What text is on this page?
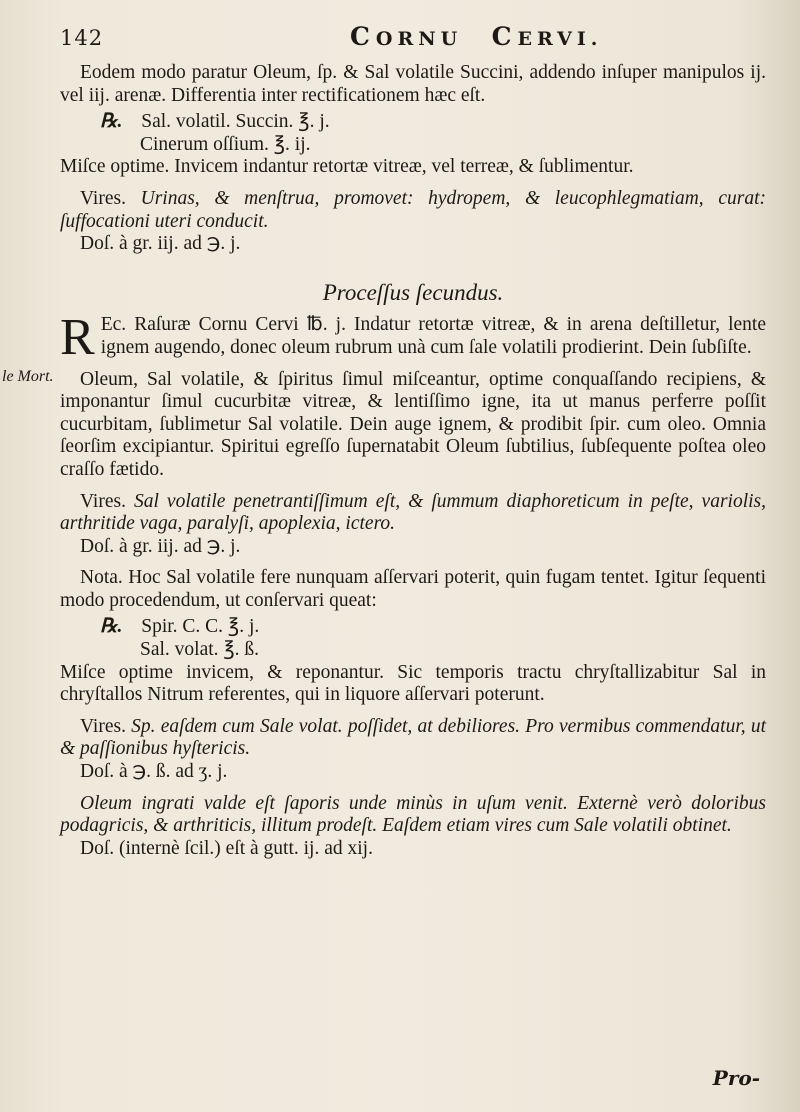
142	CORNU CERVI.
le Mort.

Eodem modo paratur Oleum, ſp. & Sal volatile Succini, addendo inſuper manipulos ij. vel iij. arenæ. Differentia inter rectificationem hæc eſt.

℞. Sal. volatil. Succin. ℥. j.
Cinerum oſſium. ℥. ij.

Miſce optime. Invicem indantur retortæ vitreæ, vel terreæ, & ſublimentur.

Vires. Urinas, & menſtrua, promovet: hydropem, & leucophlegmatiam, curat: ſuffocationi uteri conducit.

Doſ. à gr. iij. ad ℈. j.

Proceſſus ſecundus.

R Ec. Raſuræ Cornu Cervi ℔. j. Indatur retortæ vitreæ, & in arena deſtilletur, lente ignem augendo, donec oleum rubrum unà cum ſale volatili prodierint. Dein ſubſiſte.

Oleum, Sal volatile, & ſpiritus ſimul miſceantur, optime conquaſſando recipiens, & imponantur ſimul cucurbitæ vitreæ, & lentiſſimo igne, ita ut manus perferre poſſit cucurbitam, ſublimetur Sal volatile. Dein auge ignem, & prodibit ſpir. cum oleo. Omnia ſeorſim excipiantur. Spiritui egreſſo ſupernatabit Oleum ſubtilius, ſubſequente poſtea oleo craſſo fætido.

Vires. Sal volatile penetrantiſſimum eſt, & ſummum diaphoreticum in peſte, variolis, arthritide vaga, paralyſi, apoplexia, ictero.

Doſ. à gr. iij. ad ℈. j.

Nota. Hoc Sal volatile fere nunquam aſſervari poterit, quin fugam tentet. Igitur ſequenti modo procedendum, ut conſervari queat:

℞. Spir. C. C. ℥. j.
Sal. volat. ℥. ß.

Miſce optime invicem, & reponantur. Sic temporis tractu chryſtallizabitur Sal in chryſtallos Nitrum referentes, qui in liquore aſſervari poterunt.

Vires. Sp. eaſdem cum Sale volat. poſſidet, at debiliores. Pro vermibus commendatur, ut & paſſionibus hyſtericis.

Doſ. à ℈. ß. ad ʒ. j.

Oleum ingrati valde eſt ſaporis unde minùs in uſum venit. Externè verò doloribus podagricis, & arthriticis, illitum prodeſt. Eaſdem etiam vires cum Sale volatili obtinet.

Doſ. (internè ſcil.) eſt à gutt. ij. ad xij.

Pro-
